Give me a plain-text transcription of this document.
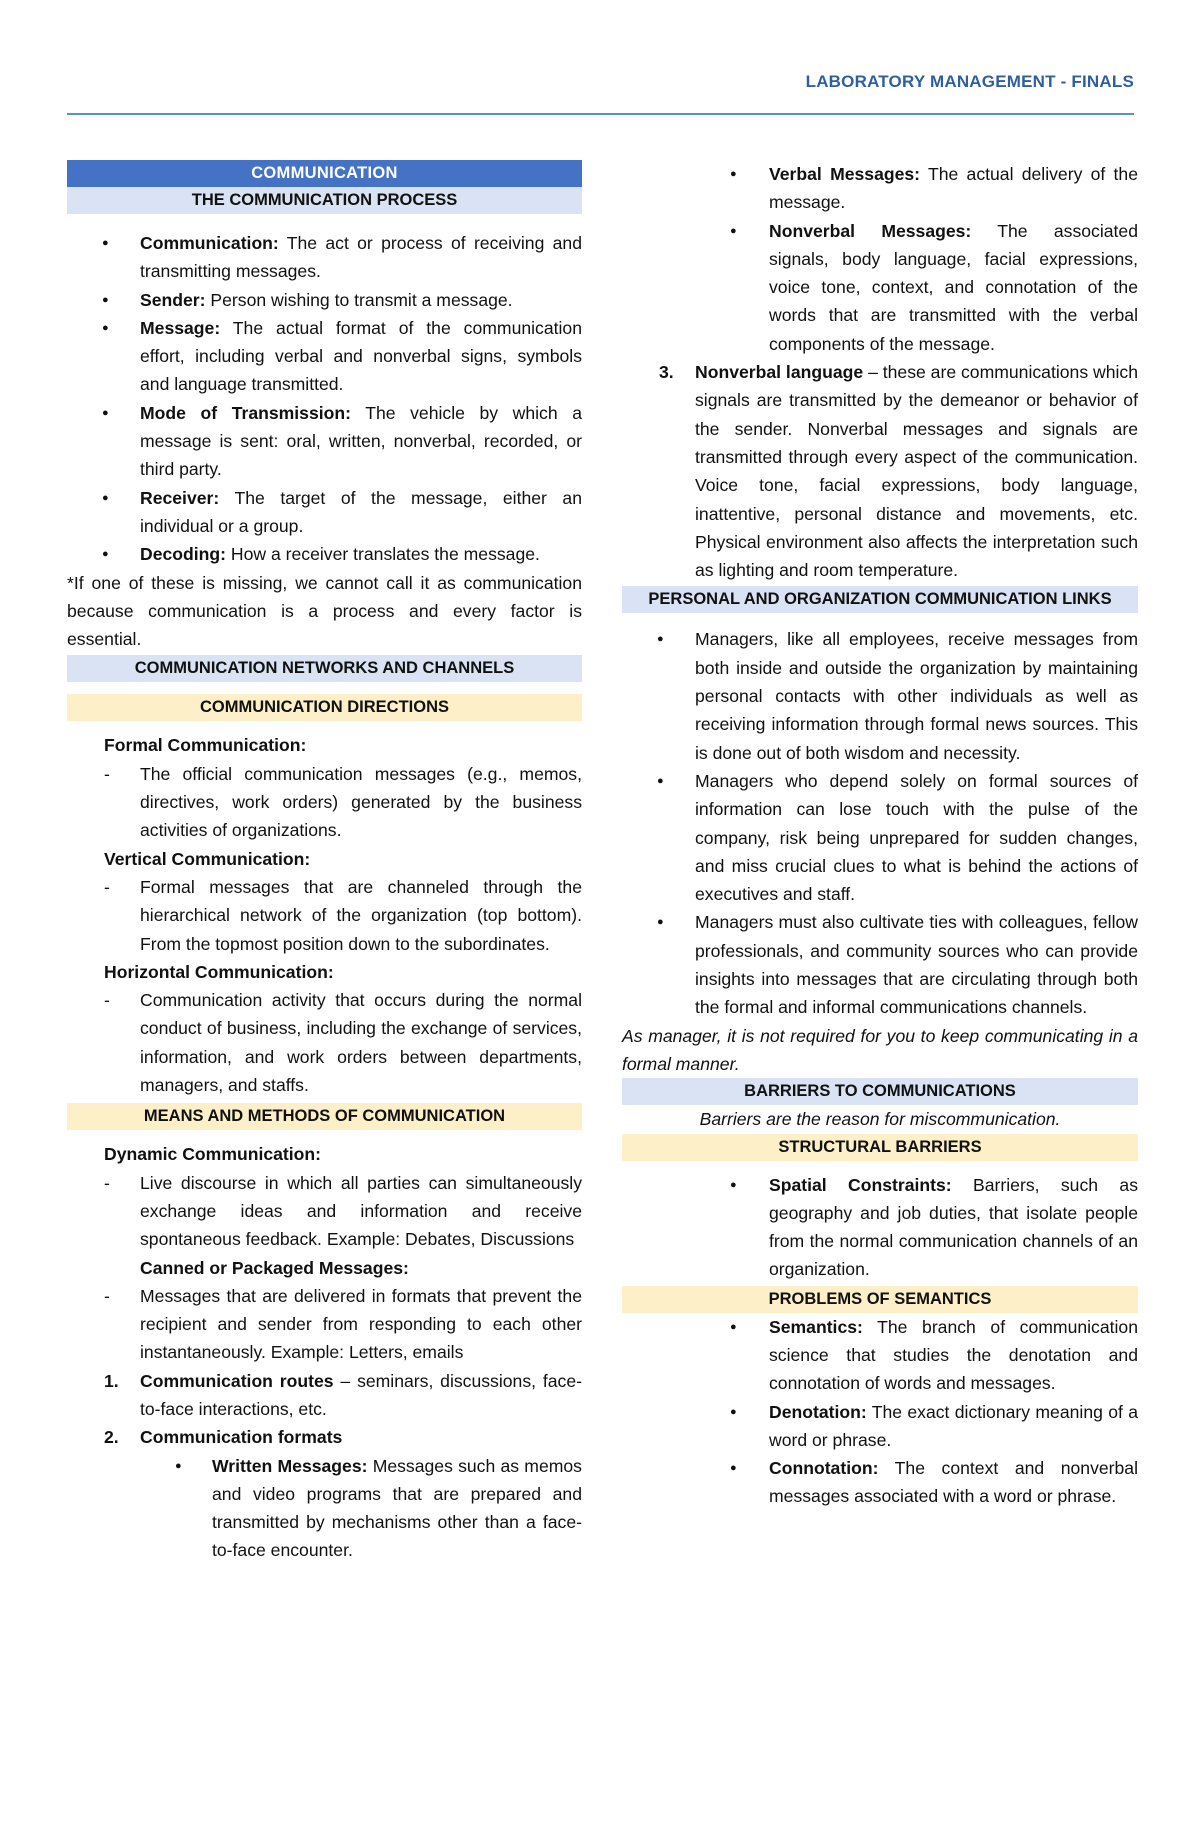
LABORATORY MANAGEMENT - FINALS
COMMUNICATION
THE COMMUNICATION PROCESS
● Communication: The act or process of receiving and transmitting messages.
● Sender: Person wishing to transmit a message.
● Message: The actual format of the communication effort, including verbal and nonverbal signs, symbols and language transmitted.
● Mode of Transmission: The vehicle by which a message is sent: oral, written, nonverbal, recorded, or third party.
● Receiver: The target of the message, either an individual or a group.
● Decoding: How a receiver translates the message.

*If one of these is missing, we cannot call it as communication because communication is a process and every factor is essential.

COMMUNICATION NETWORKS AND CHANNELS
COMMUNICATION DIRECTIONS

Formal Communication:

- The official communication messages (e.g., memos, directives, work orders) generated by the business activities of organizations.

Vertical Communication:

- Formal messages that are channeled through the hierarchical network of the organization (top bottom). From the topmost position down to the subordinates.

Horizontal Communication:

- Communication activity that occurs during the normal conduct of business, including the exchange of services, information, and work orders between departments, managers, and staffs.
MEANS AND METHODS OF COMMUNICATION

Dynamic Communication:

- Live discourse in which all parties can simultaneously exchange ideas and information and receive spontaneous feedback. Example: Debates, Discussions

Canned or Packaged Messages:

- Messages that are delivered in formats that prevent the recipient and sender from responding to each other instantaneously. Example: Letters, emails
1. Communication routes – seminars, discussions, face-to-face interactions, etc.
2. Communication formats
● Written Messages: Messages such as memos and video programs that are prepared and transmitted by mechanisms other than a face-to-face encounter.
● Verbal Messages: The actual delivery of the message.
● Nonverbal Messages: The associated signals, body language, facial expressions, voice tone, context, and connotation of the words that are transmitted with the verbal components of the message.
3. Nonverbal language – these are communications which signals are transmitted by the demeanor or behavior of the sender. Nonverbal messages and signals are transmitted through every aspect of the communication. Voice tone, facial expressions, body language, inattentive, personal distance and movements, etc. Physical environment also affects the interpretation such as lighting and room temperature.
PERSONAL AND ORGANIZATION COMMUNICATION LINKS
● Managers, like all employees, receive messages from both inside and outside the organization by maintaining personal contacts with other individuals as well as receiving information through formal news sources. This is done out of both wisdom and necessity.
● Managers who depend solely on formal sources of information can lose touch with the pulse of the company, risk being unprepared for sudden changes, and miss crucial clues to what is behind the actions of executives and staff.
● Managers must also cultivate ties with colleagues, fellow professionals, and community sources who can provide insights into messages that are circulating through both the formal and informal communications channels.

As manager, it is not required for you to keep communicating in a formal manner.

BARRIERS TO COMMUNICATIONS

Barriers are the reason for miscommunication.

STRUCTURAL BARRIERS
● Spatial Constraints: Barriers, such as geography and job duties, that isolate people from the normal communication channels of an organization.
PROBLEMS OF SEMANTICS
● Semantics: The branch of communication science that studies the denotation and connotation of words and messages.
● Denotation: The exact dictionary meaning of a word or phrase.
● Connotation: The context and nonverbal messages associated with a word or phrase.
